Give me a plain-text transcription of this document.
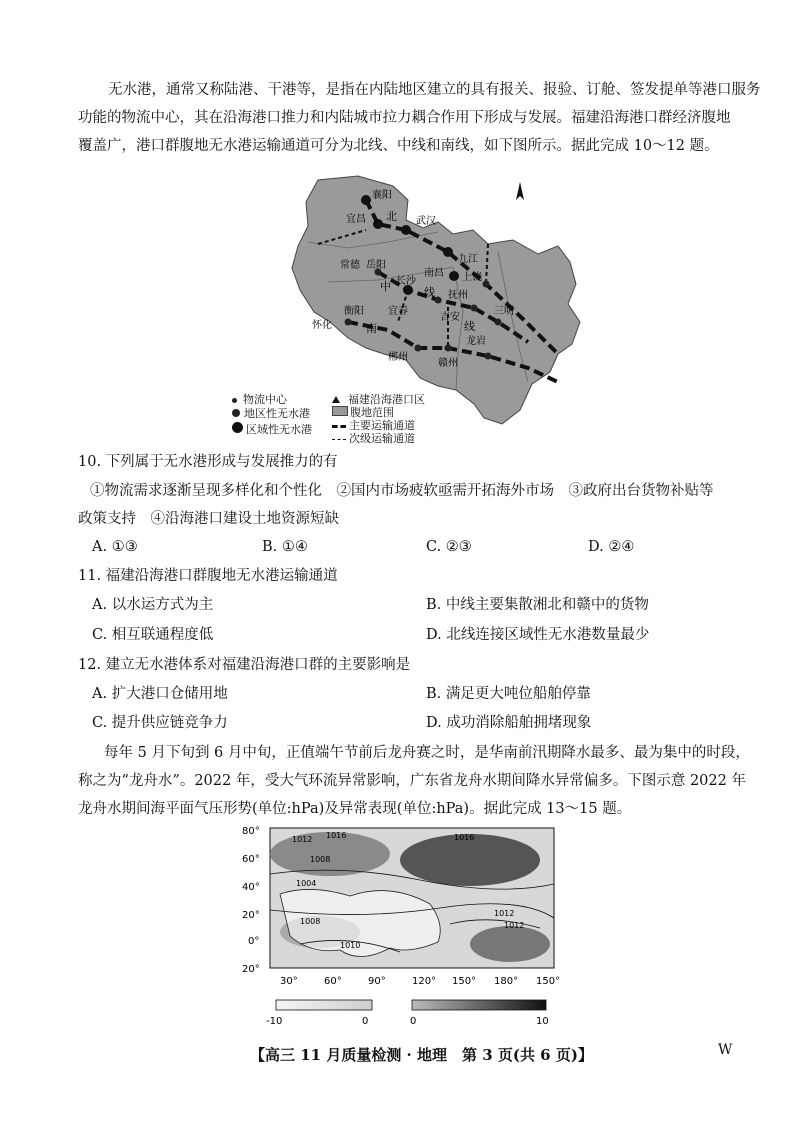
无水港，通常又称陆港、干港等，是指在内陆地区建立的具有报关、报验、订舱、签发提单等港口服务
功能的物流中心，其在沿海港口推力和内陆城市拉力耦合作用下形成与发展。福建沿海港口群经济腹地
覆盖广，港口群腹地无水港运输通道可分为北线、中线和南线，如下图所示。据此完成 10～12 题。
襄阳
宜昌 北 武汉
常德 岳阳
九江
南昌 上饶
中 长沙
线
衡阳 宜春
抚州
吉安
三明
怀化	南
郴州
赣州
龙岩
线
物流中心
地区性无水港
区域性无水港
福建沿海港口区
腹地范围
主要运输通道
次级运输通道
10. 下列属于无水港形成与发展推力的有
①物流需求逐渐呈现多样化和个性化　②国内市场疲软亟需开拓海外市场　③政府出台货物补贴等
政策支持　④沿海港口建设土地资源短缺
A. ①③	B. ①④	C. ②③	D. ②④
11. 福建沿海港口群腹地无水港运输通道
A. 以水运方式为主	B. 中线主要集散湘北和赣中的货物
C. 相互联通程度低	D. 北线连接区域性无水港数量最少
12. 建立无水港体系对福建沿海港口群的主要影响是
A. 扩大港口仓储用地	B. 满足更大吨位船舶停靠
C. 提升供应链竞争力	D. 成功消除船舶拥堵现象
每年 5 月下旬到 6 月中旬，正值端午节前后龙舟赛之时，是华南前汛期降水最多、最为集中的时段，
称之为“龙舟水”。2022 年，受大气环流异常影响，广东省龙舟水期间降水异常偏多。下图示意 2022 年
龙舟水期间海平面气压形势(单位:hPa)及异常表现(单位:hPa)。据此完成 13～15 题。
1012 1016
1008
1004
1016
1012
1010
1008
1012
80°
60°
40°
20°
0°
20°
30°	60°	90°	120° 150° 180° 150°
-10	0	0	10
【高三 11 月质量检测 · 地理　第 3 页(共 6 页)】	W
